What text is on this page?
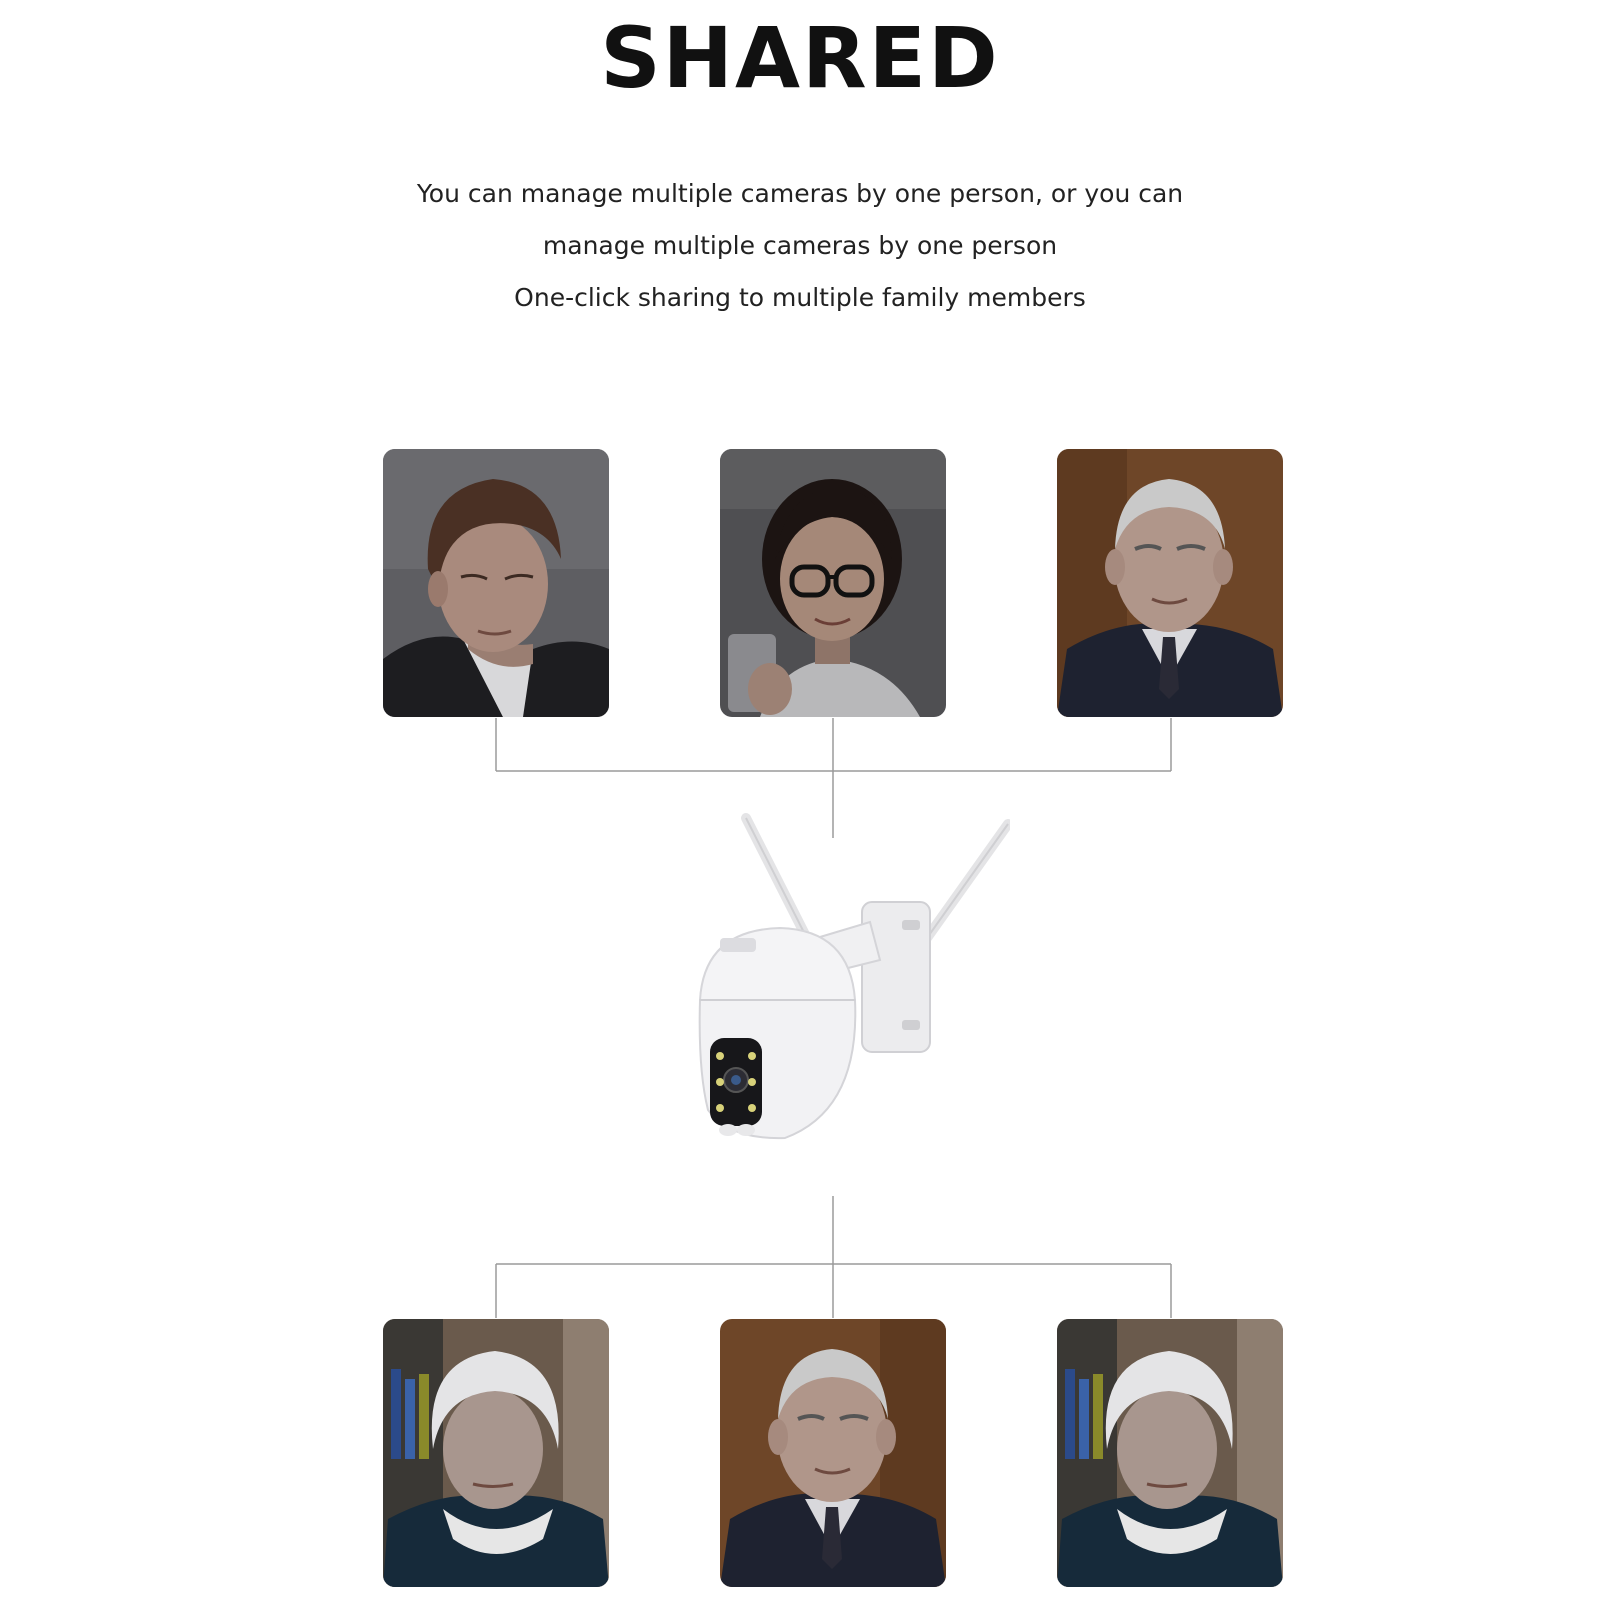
SHARED
You can manage multiple cameras by one person, or you can
manage multiple cameras by one person
One-click sharing to multiple family members
